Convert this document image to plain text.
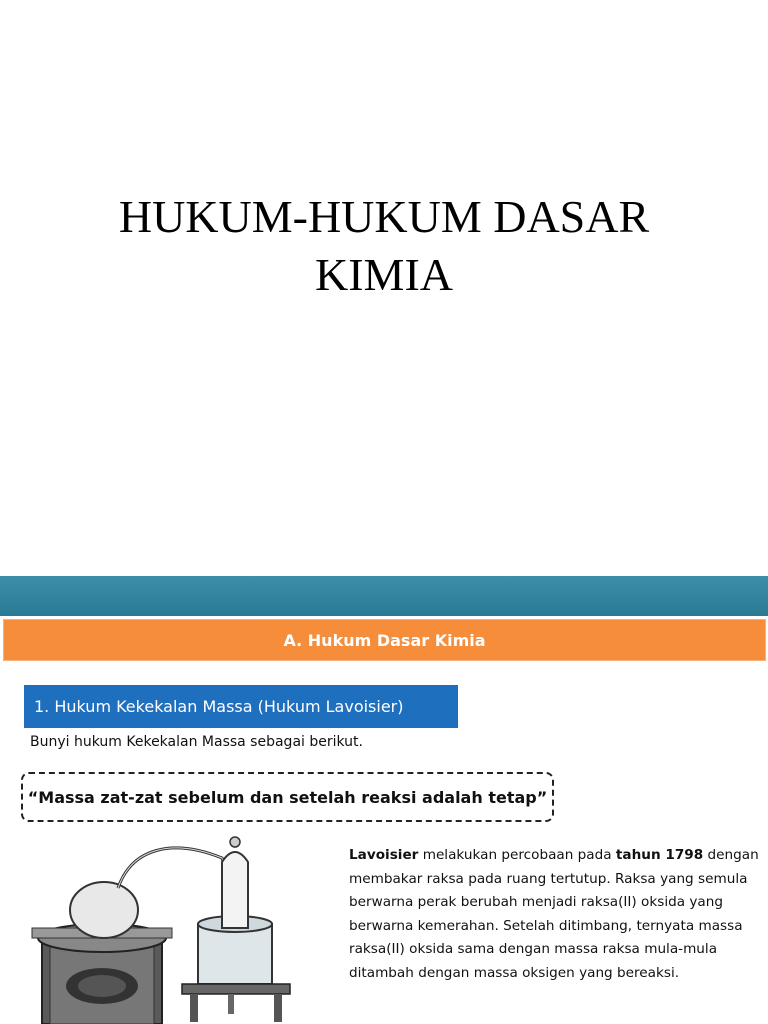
HUKUM-HUKUM DASAR
KIMIA
A. Hukum Dasar Kimia
1. Hukum Kekekalan Massa (Hukum Lavoisier)
Bunyi hukum Kekekalan Massa sebagai berikut.
“Massa zat-zat sebelum dan setelah reaksi adalah tetap”
Lavoisier melakukan percobaan pada tahun 1798 dengan membakar raksa pada ruang tertutup. Raksa yang semula berwarna perak berubah menjadi raksa(II) oksida yang berwarna kemerahan. Setelah ditimbang, ternyata massa raksa(II) oksida sama dengan massa raksa mula-mula ditambah dengan massa oksigen yang bereaksi.
